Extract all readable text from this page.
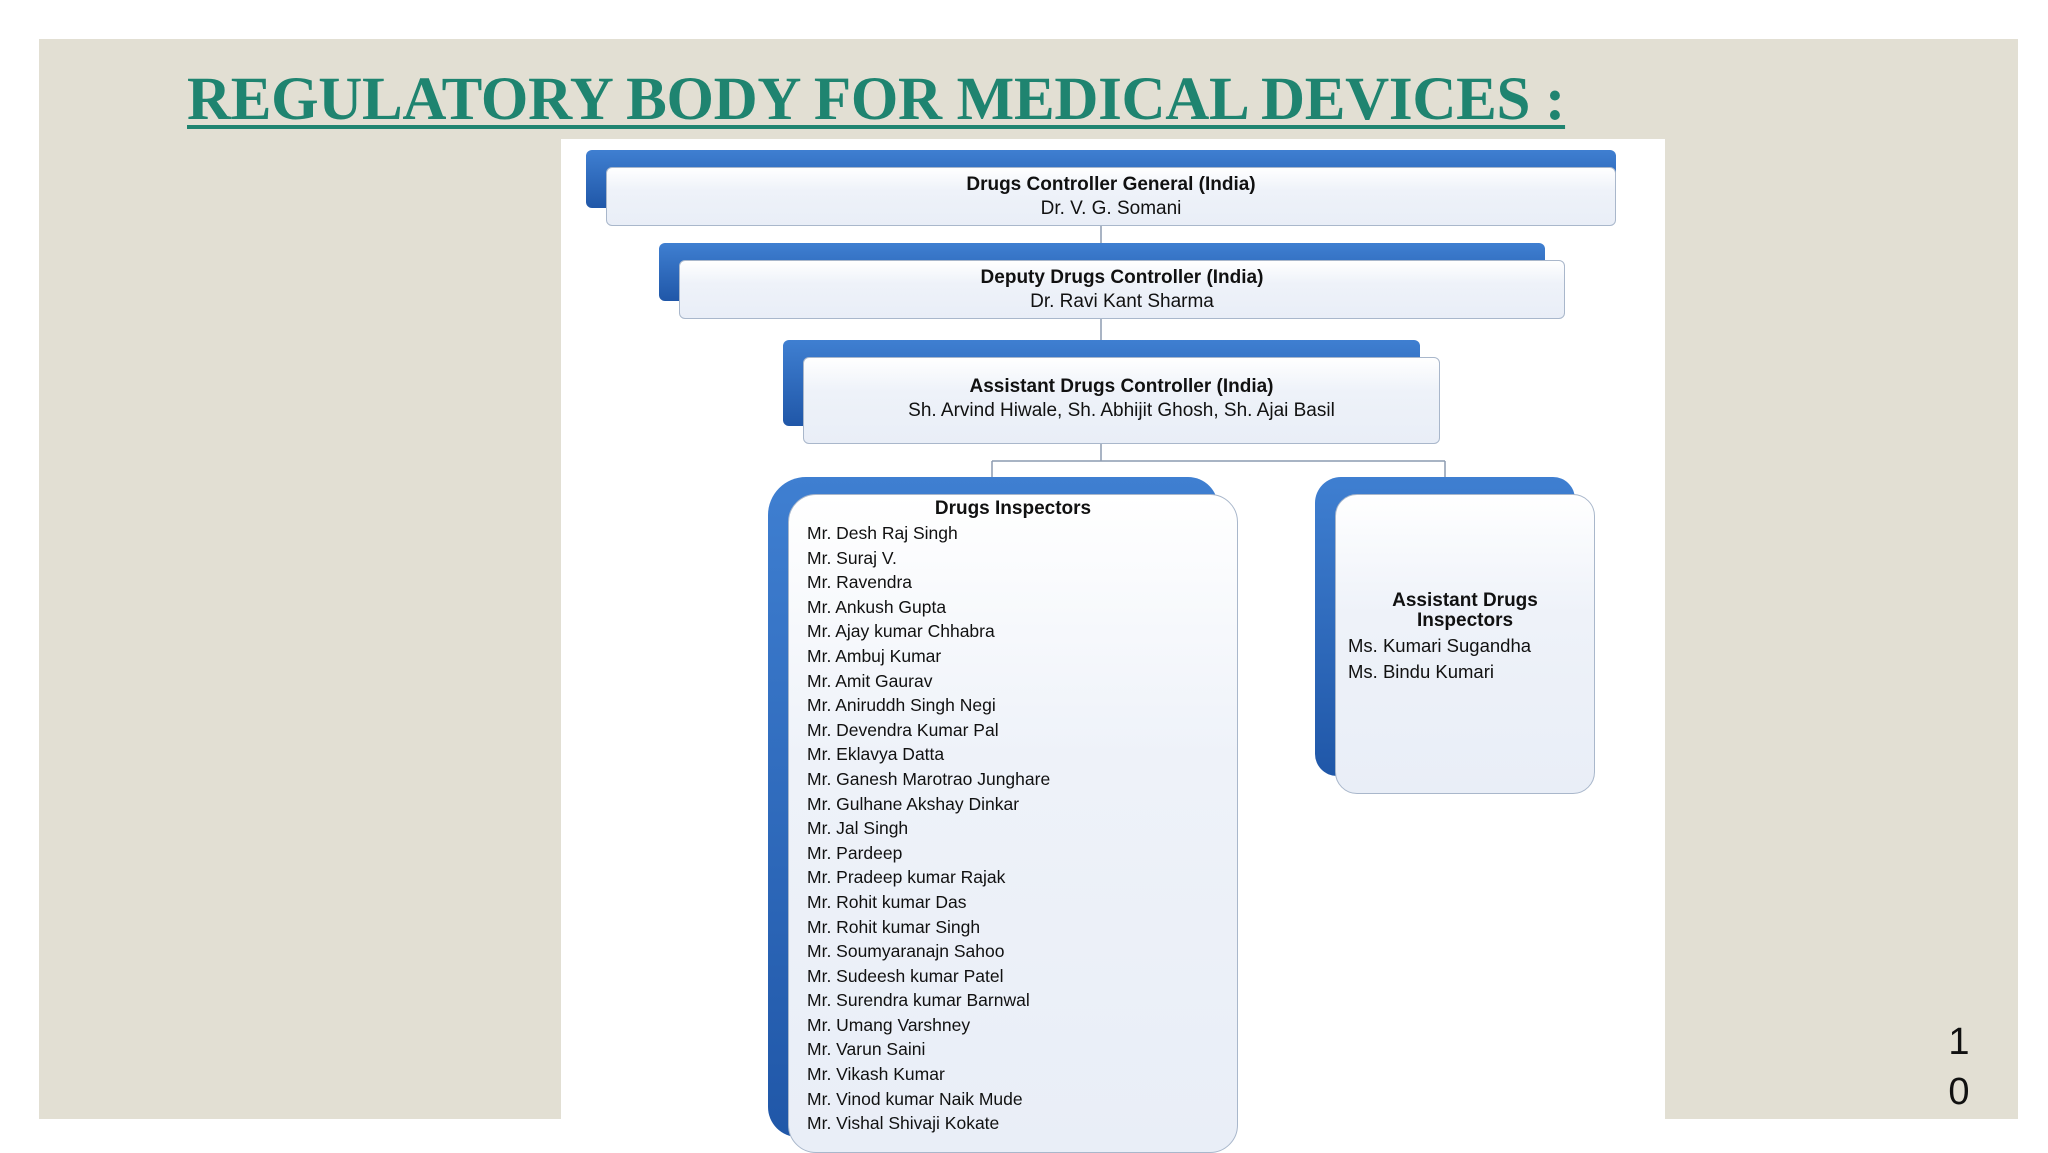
REGULATORY BODY FOR MEDICAL DEVICES :
Drugs Controller General (India)
Dr. V. G. Somani
Deputy Drugs Controller (India)
Dr. Ravi Kant Sharma
Assistant Drugs Controller (India)
Sh. Arvind Hiwale, Sh. Abhijit Ghosh, Sh. Ajai Basil
Drugs Inspectors
Mr. Desh Raj Singh
Mr. Suraj V.
Mr. Ravendra
Mr. Ankush Gupta
Mr. Ajay kumar Chhabra
Mr. Ambuj Kumar
Mr. Amit Gaurav
Mr. Aniruddh Singh Negi
Mr. Devendra Kumar Pal
Mr. Eklavya Datta
Mr. Ganesh Marotrao Junghare
Mr. Gulhane Akshay Dinkar
Mr. Jal Singh
Mr. Pardeep
Mr. Pradeep kumar Rajak
Mr. Rohit kumar Das
Mr. Rohit kumar Singh
Mr. Soumyaranajn Sahoo
Mr. Sudeesh kumar Patel
Mr. Surendra kumar Barnwal
Mr. Umang Varshney
Mr. Varun Saini
Mr. Vikash Kumar
Mr. Vinod kumar Naik Mude
Mr. Vishal Shivaji Kokate
Assistant Drugs
Inspectors
Ms. Kumari Sugandha
Ms. Bindu Kumari
1
0
